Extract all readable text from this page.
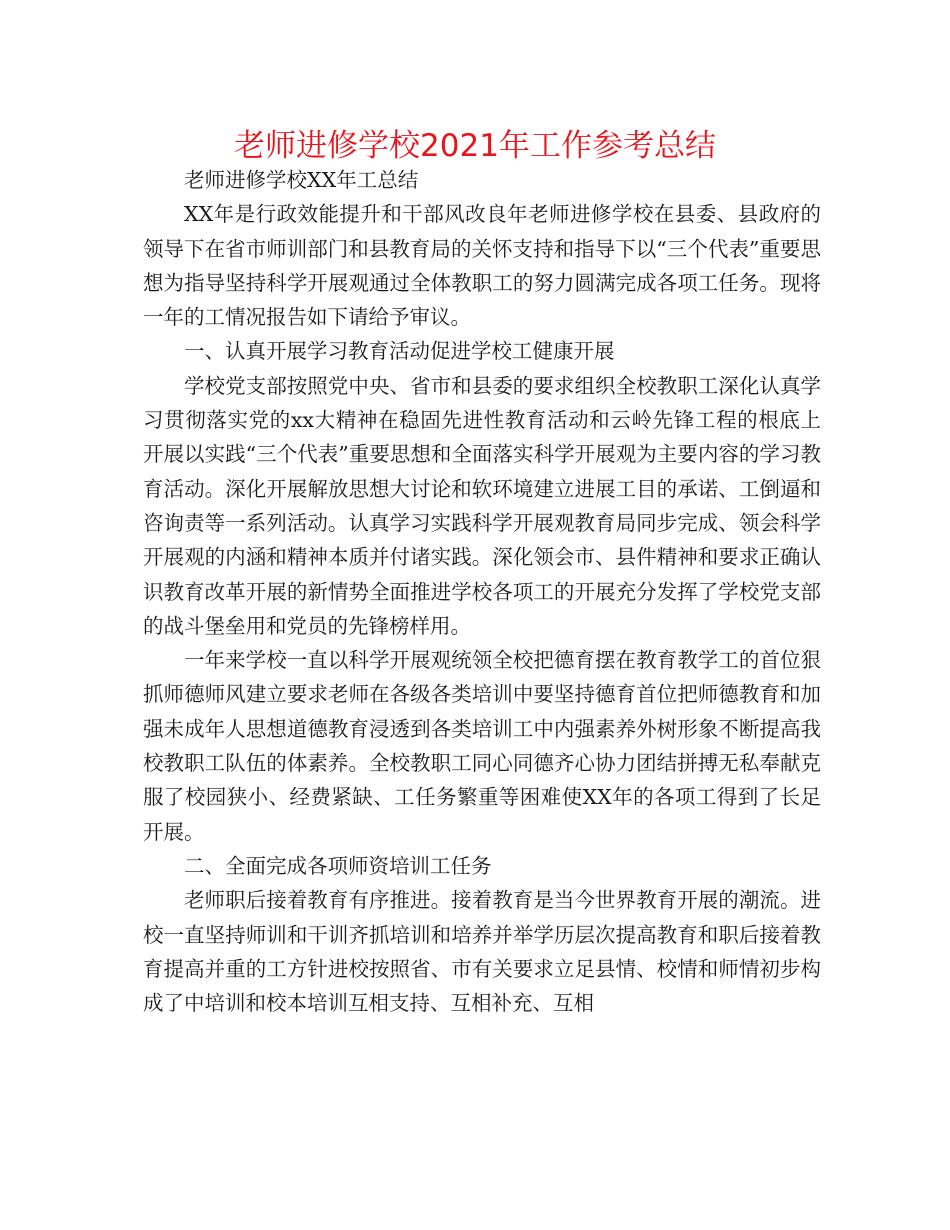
老师进修学校2021年工作参考总结

老师进修学校XX年工总结

XX年是行政效能提升和干部风改良年老师进修学校在县委、县政府的领导下在省市师训部门和县教育局的关怀支持和指导下以“三个代表”重要思想为指导坚持科学开展观通过全体教职工的努力圆满完成各项工任务。现将一年的工情况报告如下请给予审议。

一、认真开展学习教育活动促进学校工健康开展

学校党支部按照党中央、省市和县委的要求组织全校教职工深化认真学习贯彻落实党的xx大精神在稳固先进性教育活动和云岭先锋工程的根底上开展以实践“三个代表”重要思想和全面落实科学开展观为主要内容的学习教育活动。深化开展解放思想大讨论和软环境建立进展工目的承诺、工倒逼和咨询责等一系列活动。认真学习实践科学开展观教育局同步完成、领会科学开展观的内涵和精神本质并付诸实践。深化领会市、县件精神和要求正确认识教育改革开展的新情势全面推进学校各项工的开展充分发挥了学校党支部的战斗堡垒用和党员的先锋榜样用。

一年来学校一直以科学开展观统领全校把德育摆在教育教学工的首位狠抓师德师风建立要求老师在各级各类培训中要坚持德育首位把师德教育和加强未成年人思想道德教育浸透到各类培训工中内强素养外树形象不断提高我校教职工队伍的体素养。全校教职工同心同德齐心协力团结拼搏无私奉献克服了校园狭小、经费紧缺、工任务繁重等困难使XX年的各项工得到了长足开展。

二、全面完成各项师资培训工任务

老师职后接着教育有序推进。接着教育是当今世界教育开展的潮流。进校一直坚持师训和干训齐抓培训和培养并举学历层次提高教育和职后接着教育提高并重的工方针进校按照省、市有关要求立足县情、校情和师情初步构成了中培训和校本培训互相支持、互相补充、互相
